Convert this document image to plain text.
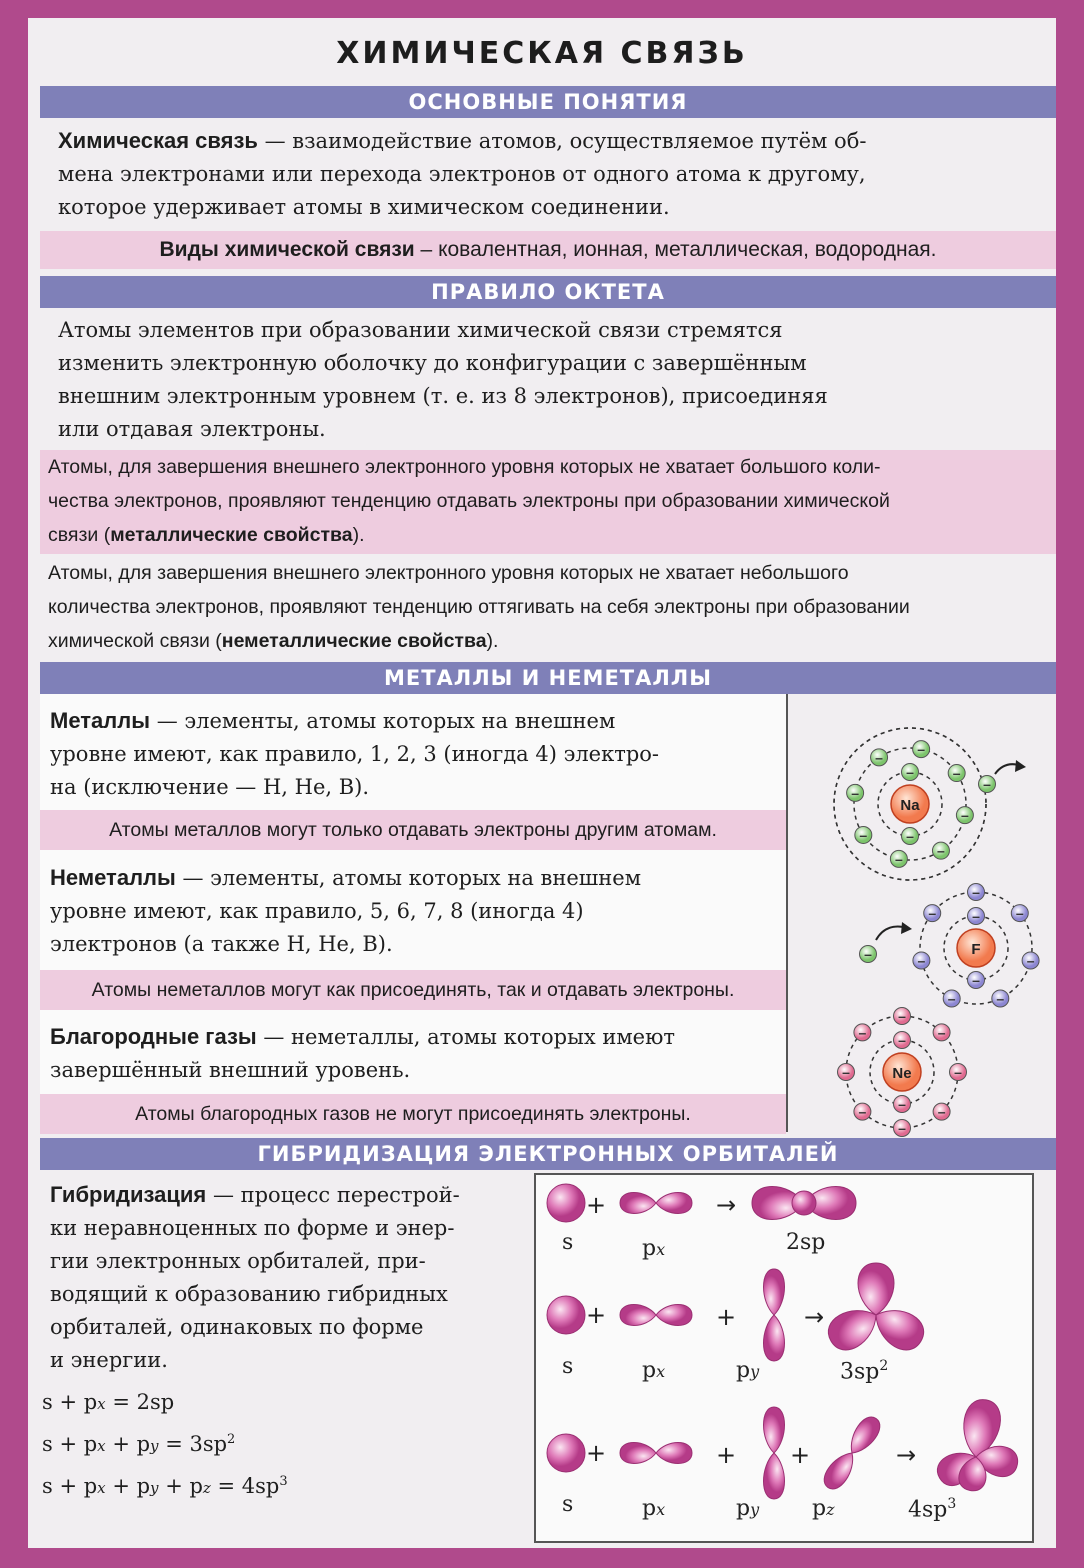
ХИМИЧЕСКАЯ СВЯЗЬ
ОСНОВНЫЕ ПОНЯТИЯ
Химическая связь — взаимодействие атомов, осуществляемое путём об-
мена электронами или перехода электронов от одного атома к другому,
которое удерживает атомы в химическом соединении.
Виды химической связи – ковалентная, ионная, металлическая, водородная.
ПРАВИЛО ОКТЕТА
Атомы элементов при образовании химической связи стремятся
изменить электронную оболочку до конфигурации с завершённым
внешним электронным уровнем (т. е. из 8 электронов), присоединяя
или отдавая электроны.
Атомы, для завершения внешнего электронного уровня которых не хватает большого коли-
чества электронов, проявляют тенденцию отдавать электроны при образовании химической
связи (металлические свойства).
Атомы, для завершения внешнего электронного уровня которых не хватает небольшого
количества электронов, проявляют тенденцию оттягивать на себя электроны при образовании
химической связи (неметаллические свойства).
МЕТАЛЛЫ И НЕМЕТАЛЛЫ
Металлы — элементы, атомы которых на внешнем
уровне имеют, как правило, 1, 2, 3 (иногда 4) электро-
на (исключение — H, He, B).
Атомы металлов могут только отдавать электроны другим атомам.
Неметаллы — элементы, атомы которых на внешнем
уровне имеют, как правило, 5, 6, 7, 8 (иногда 4)
электронов (а также H, He, B).
Атомы неметаллов могут как присоединять, так и отдавать электроны.
Благородные газы — неметаллы, атомы которых имеют
завершённый внешний уровень.
Атомы благородных газов не могут присоединять электроны.
–
–
–
–
–
–
–
–
–
–
Na
–
–
–
–
–
–
–
–
–
–
F
–
–
–
–
–
–
–
–
–
–
–
Ne
ГИБРИДИЗАЦИЯ ЭЛЕКТРОННЫХ ОРБИТАЛЕЙ
Гибридизация — процесс перестрой-
ки неравноценных по форме и энер-
гии электронных орбиталей, при-
водящий к образованию гибридных
орбиталей, одинаковых по форме
и энергии.
s + px = 2sp
s + px + py = $3sp^2$
s + px + py + pz = $4sp^3$
+	→
+	+	→
+	+ +	→
s	px	2sp
s	px	py	$3sp^2$
s	px	py pz	$4sp^3$
